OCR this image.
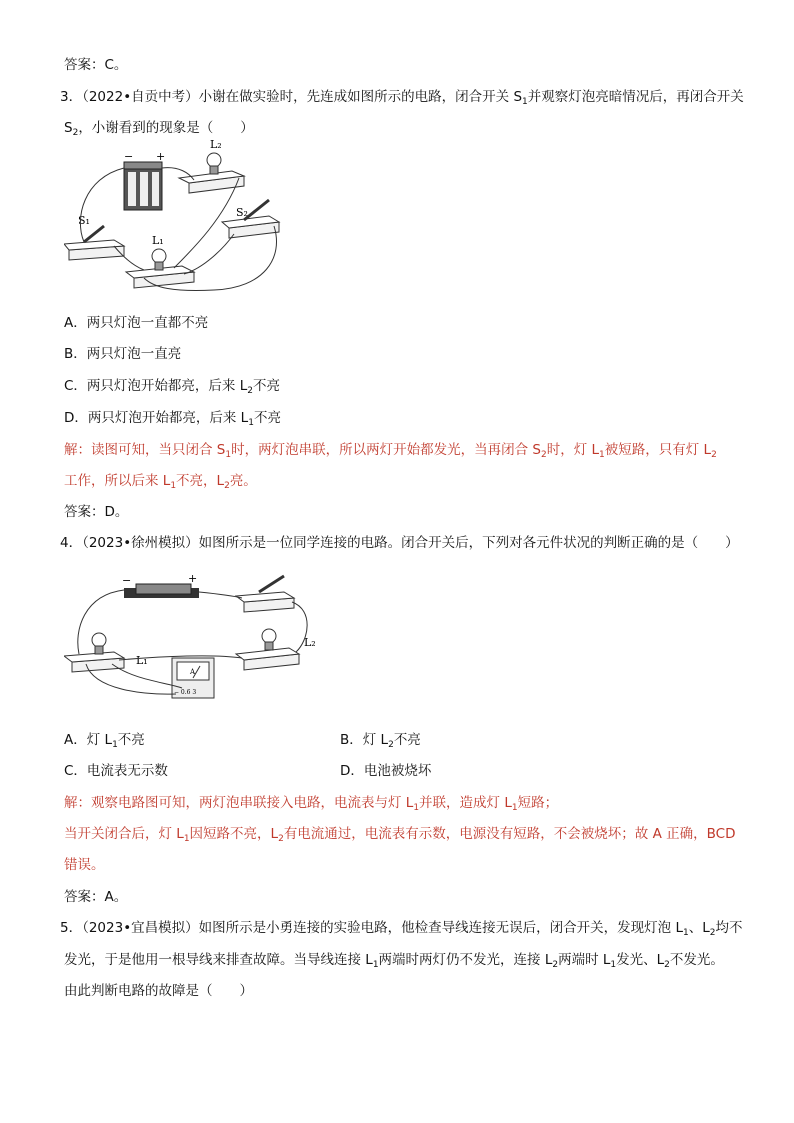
答案：C。
3．（2022•自贡中考）小谢在做实验时，先连成如图所示的电路，闭合开关 $S_1$并观察灯泡亮暗情况后，再闭合开关
$S_2$，小谢看到的现象是（　　）
− +
L₂
S₁
S₂
L₁
A．两只灯泡一直都不亮
B．两只灯泡一直亮
C．两只灯泡开始都亮，后来 $L_2$不亮
D．两只灯泡开始都亮，后来 $L_1$不亮
解：读图可知，当只闭合 $S_1$时，两灯泡串联，所以两灯开始都发光，当再闭合 $S_2$时，灯 $L_1$被短路，只有灯 $L_2$
工作，所以后来 $L_1$不亮，$L_2$亮。
答案：D。
4．（2023•徐州模拟）如图所示是一位同学连接的电路。闭合开关后，下列对各元件状况的判断正确的是（　　）
−	+
L₁
L₂
A
− 0.6 3
A．灯 $L_1$不亮	B．灯 $L_2$不亮
C．电流表无示数	D．电池被烧坏
解：观察电路图可知，两灯泡串联接入电路，电流表与灯 $L_1$并联，造成灯 $L_1$短路；
当开关闭合后，灯 $L_1$因短路不亮，$L_2$有电流通过，电流表有示数，电源没有短路，不会被烧坏；故 A 正确，BCD
错误。
答案：A。
5．（2023•宜昌模拟）如图所示是小勇连接的实验电路，他检查导线连接无误后，闭合开关，发现灯泡 $L_1$、$L_2$均不
发光，于是他用一根导线来排查故障。当导线连接 $L_1$两端时两灯仍不发光，连接 $L_2$两端时 $L_1$发光、$L_2$不发光。
由此判断电路的故障是（　　）
